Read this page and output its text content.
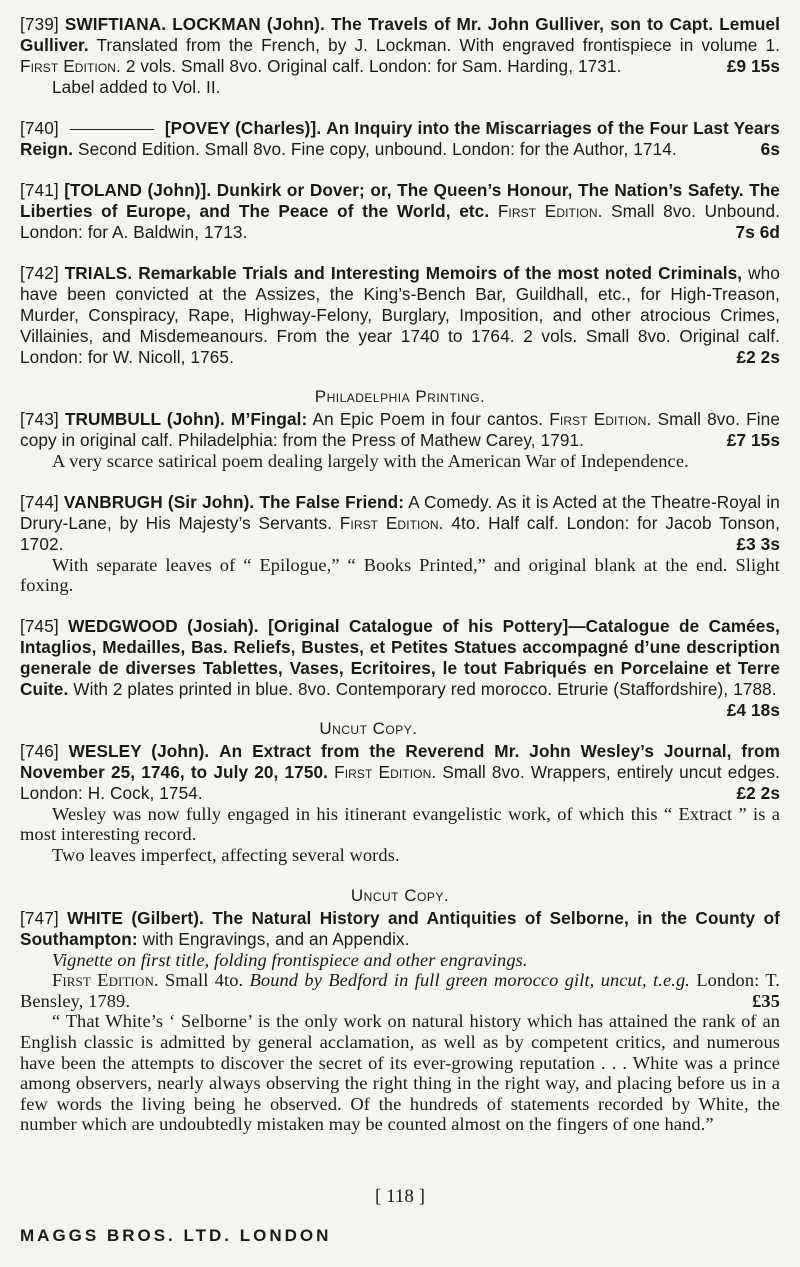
[739] SWIFTIANA. LOCKMAN (John). The Travels of Mr. John Gulliver, son to Capt. Lemuel Gulliver. Translated from the French, by J. Lockman. With engraved frontispiece in volume 1. First Edition. 2 vols. Small 8vo. Original calf. London: for Sam. Harding, 1731.	£9 15s

Label added to Vol. II.

[740]	[POVEY (Charles)]. An Inquiry into the Miscarriages of the Four Last Years Reign. Second Edition. Small 8vo. Fine copy, unbound. London: for the Author, 1714.	6s

[741] [TOLAND (John)]. Dunkirk or Dover; or, The Queen’s Honour, The Nation’s Safety. The Liberties of Europe, and The Peace of the World, etc. First Edition. Small 8vo. Unbound. London: for A. Baldwin, 1713.	7s 6d

[742] TRIALS. Remarkable Trials and Interesting Memoirs of the most noted Criminals, who have been convicted at the Assizes, the King’s-Bench Bar, Guildhall, etc., for High-Treason, Murder, Conspiracy, Rape, Highway-Felony, Burglary, Imposition, and other atrocious Crimes, Villainies, and Misdemeanours. From the year 1740 to 1764. 2 vols. Small 8vo. Original calf. London: for W. Nicoll, 1765.	£2 2s

Philadelphia Printing.

[743] TRUMBULL (John). M’Fingal: An Epic Poem in four cantos. First Edition. Small 8vo. Fine copy in original calf. Philadelphia: from the Press of Mathew Carey, 1791.	£7 15s

A very scarce satirical poem dealing largely with the American War of Independence.

[744] VANBRUGH (Sir John). The False Friend: A Comedy. As it is Acted at the Theatre-Royal in Drury-Lane, by His Majesty’s Servants. First Edition. 4to. Half calf. London: for Jacob Tonson, 1702.	£3 3s

With separate leaves of “ Epilogue,” “ Books Printed,” and original blank at the end. Slight foxing.

[745] WEDGWOOD (Josiah). [Original Catalogue of his Pottery]—Catalogue de Camées, Intaglios, Medailles, Bas. Reliefs, Bustes, et Petites Statues accompagné d’une description generale de diverses Tablettes, Vases, Ecritoires, le tout Fabriqués en Porcelaine et Terre Cuite. With 2 plates printed in blue. 8vo. Contemporary red morocco. Etrurie (Staffordshire), 1788.
£4 18s

Uncut Copy.

[746] WESLEY (John). An Extract from the Reverend Mr. John Wesley’s Journal, from November 25, 1746, to July 20, 1750. First Edition. Small 8vo. Wrappers, entirely uncut edges. London: H. Cock, 1754.	£2 2s

Wesley was now fully engaged in his itinerant evangelistic work, of which this “ Extract ” is a most interesting record.

Two leaves imperfect, affecting several words.

Uncut Copy.

[747] WHITE (Gilbert). The Natural History and Antiquities of Selborne, in the County of Southampton: with Engravings, and an Appendix.

Vignette on first title, folding frontispiece and other engravings.

First Edition. Small 4to. Bound by Bedford in full green morocco gilt, uncut, t.e.g. London: T. Bensley, 1789.	£35

“ That White’s ‘ Selborne’ is the only work on natural history which has attained the rank of an English classic is admitted by general acclamation, as well as by competent critics, and numerous have been the attempts to discover the secret of its ever-growing reputation . . . White was a prince among observers, nearly always observing the right thing in the right way, and placing before us in a few words the living being he observed. Of the hundreds of statements recorded by White, the number which are undoubtedly mistaken may be counted almost on the fingers of one hand.”

[ 118 ]
MAGGS BROS. LTD. LONDON
